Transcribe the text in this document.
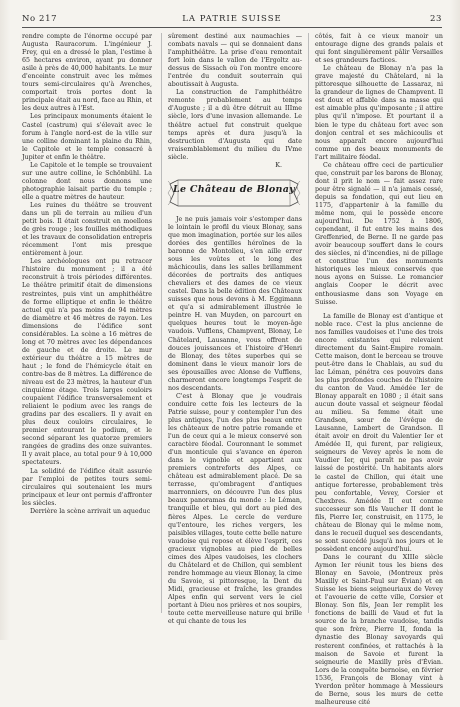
No 217	LA PATRIE SUISSE	23

rendre compte de l'énorme occupé par Augusta Rauracorum. L'ingénieur J. Frey, qui en a dressé le plan, l'estime à 65 hectares environ, ayant pu donner asile à près de 40,000 habitants. Le mur d'enceinte construit avec les mêmes tours semi-circulaires qu'à Avenches, comportait trois portes dont la principale était au nord, face au Rhin, et les deux autres à l'Est.

Les principaux monuments étaient le Castel (castrum) qui s'élevait avec le forum à l'angle nord-est de la ville sur une colline dominant la plaine du Rhin, le Capitole et le temple consacré à Jupiter et enfin le théâtre.

Le Capitole et le temple se trouvaient sur une autre colline, le Schönbühl. La colonne dont nous donnons une photographie laisait partie du temple ; elle a quatre mètres de hauteur.

Les ruines du théâtre se trouvent dans un pli de terrain au milieu d'un petit bois. Il était construit en moellons de grès rouge ; les fouilles méthodiques et les travaux de consolidation entrepris récemment l'ont mis presque entièrement à jour.

Les archéologues ont pu retracer l'histoire du monument ; il a été reconstruit à trois périodes différentes. Le théâtre primitif était de dimensions restreintes, puis vint un amphithéâtre de forme elliptique et enfin le théâtre actuel qui n'a pas moins de 94 mètres de diamètre et 46 mètres de rayon. Les dimensions de l'édifice sont considérables. La scène a 16 mètres de long et 70 mètres avec les dépendances de gauche et de droite. Le mur extérieur du théâtre a 15 mètres de haut ; le fond de l'hémicycle était en contre-bas de 8 mètres. La différence de niveau est de 23 mètres, la hauteur d'un cinquième étage. Trois larges couloirs coupaient l'édifice transversalement et reliaient le podium avec les rangs de gradins par des escaliers. Il y avait en plus deux couloirs circulaires, le premier entourant le podium, et le second séparant les quatorze premiers rangées de gradins des onze suivantes. Il y avait place, au total pour 9 à 10,000 spectateurs.

La solidité de l'édifice était assurée par l'emploi de petites tours semi-circulaires qui soutenaient les murs principaux et leur ont permis d'affronter les siècles.

Derrière la scène arrivait un aqueduc

sûrement destiné aux naumachies — combats navals — qui se donnaient dans l'amphithéâtre. La prise d'eau remontait fort loin dans le vallon de l'Ergoltz au-dessus de Sissach où l'on montre encore l'entrée du conduit souterrain qui aboutissait à Augusta.

La construction de l'amphithéâtre remonte probablement au temps d'Auguste ; il a dû être détruit au IIIme siècle, lors d'une invasion allemande. Le théâtre actuel fut construit quelque temps après et dura jusqu'à la destruction d'Augusta qui date vraisemblablement du milieu du IVme siècle.

K.

Le Château de Blonay

Je ne puis jamais voir s'estomper dans le lointain le profil du vieux Blonay, sans que mon imagination, portée sur les ailes dorées des gentilles héroïnes de la baronne de Montolieu, s'en aille errer sous les voûtes et le long des mâchicoulis, dans les salles brillamment décorées de portraits des antiques chevaliers et des dames de ce vieux castel. Dans la belle édition des Châteaux suisses que nous devons à M. Eggimann et qu'a si admirablement illustrée le peintre H. van Muyden, on parcourt en quelques heures tout le moyen-âge vaudois. Vufflens, Champvent, Blonay, Le Châtelard, Lausanne, vous offrent de douces jouissances et l'histoire d'Henri de Blonay, des têtes superbes qui se dominent dans le vieux manoir lors de ses épousailles avec Alonse de Vufflens, charmeront encore longtemps l'esprit de nos descendants.

C'est à Blonay que je voudrais conduire cette fois les lecteurs de la Patrie suisse, pour y contempler l'un des plus antiques, l'un des plus beaux entre les châteaux de notre patrie romande et l'un de ceux qui a le mieux conservé son caractère féodal. Couronnant le sommet d'un monticule qui s'avance en éperon dans le vignoble et appartient aux premiers contreforts des Alpes, ce château est admirablement placé. De sa terrasse, qu'ombragent d'antiques marronniers, on découvre l'un des plus beaux panoramas du monde : le Léman, tranquille et bleu, qui dort au pied des fières Alpes. Le cercle de verdure qu'l'entoure, les riches vergers, les paisibles villages, toute cette belle nature vaudoise qui repose et élève l'esprit, ces gracieux vignobles au pied de belles cimes des Alpes vaudoises, les clochers du Châtelard et de Chillon, qui semblent rendre hommage au vieux Blonay, la cime du Savoie, si pittoresque, la Dent du Midi, gracieuse et fraîche, les grandes Alpes enfin qui servent vers le ciel portant à Dieu nos prières et nos soupirs, toute cette merveilleuse nature qui brille et qui chante de tous les

côtés, fait à ce vieux manoir un entourage digne des grands palais et qui font singulièrement pâlir Versailles et ses grandeurs factices.

Le château de Blonay n'a pas la grave majesté du Châtelard, ni la pittoresque silhouette de Lassaraz, ni la grandeur de lignes de Champvent. Il est doux et affable dans sa masse qui est aimable plus qu'imposante ; il attire plus qu'il n'impose. Et pourtant il a bien le type du château fort avec son donjon central et ses mâchicoulis et nous apparaît encore aujourd'hui comme un des beaux monuments de l'art militaire féodal.

Ce château offre ceci de particulier que, construit par les barons de Blonay, dont il prit le nom — fait assez rare pour être signalé — il n'a jamais cessé, depuis sa fondation, qui eut lieu en 1175, d'appartenir à la famille du même nom, qui le possède encore aujourd'hui. De 1752 à 1806, cependant, il fut entre les mains des Greffenried, de Berne. Il ne garde pas avoir beaucoup souffert dans le cours des siècles, ni d'incendies, ni de pillage et constitue l'un des monuments historiques les mieux conservés que nous ayons en Suisse. Le romancier anglais Cooper le décrit avec enthousiasme dans son Voyage en Suisse.

La famille de Blonay est d'antique et noble race. C'est la plus ancienne de nos familles vaudoises et l'une des trois encore existantes qui relevaient directement du Saint-Empire romain. Cette maison, dont le berceau se trouve peut-être dans le Chablais, au sud du lac Léman, pénétra ces pouvoirs dans les plus profondes couches de l'histoire du canton de Vaud. Amédée Ier de Blonay apparaît en 1080 ; il était sans aucun doute vassal et seigneur féodal au milieu. Sa femme était une Grandson, sœur de l'évêque de Lausanne, Lambert de Grandson. Il était avoir en droit du Valentier Ier et Amédée II, qui furent, par religieux, seigneurs de Vevey après le nom de Vaudier Ier, qui paraît ne pas avoir laissé de postérité. Un habitants alors le castel de Chillon, qui était une antique forteresse, probablement très peu confortable, Vevey, Corsier et Chexbres. Amédée II eut comme successeur son fils Vaucher II dont le fils, Pierre Ier, construisit, en 1175, le château de Blonay qui le même nom, dans le recueil duquel ses descendants, se sont succédé jusqu'à nos jours et le possèdent encore aujourd'hui.

Dans le courant du XIIIe siècle Aymon Ier réunit tous les biens des Blonay en Savoie, (Montreux près Maxilly et Saint-Paul sur Évian) et en Suisse les biens seigneuriaux de Vevey et l'avouerie de cette ville, Corsier et Blonay. Son fils, Jean Ier remplit les fonctions de bailli de Vaud et fut la source de la branche vaudoise, tandis que son frère, Pierre II, fonda la dynastie des Blonay savoyards qui resterent confinées, et rattachés à la maison de Savoie et furent la seigneurie de Maxilly près d'Évian. Lors de la conquête bernoise, en février 1536, François de Blonay vint à Yverdon prêter hommage à Messieurs de Berne, sous les murs de cette malheureuse cité
